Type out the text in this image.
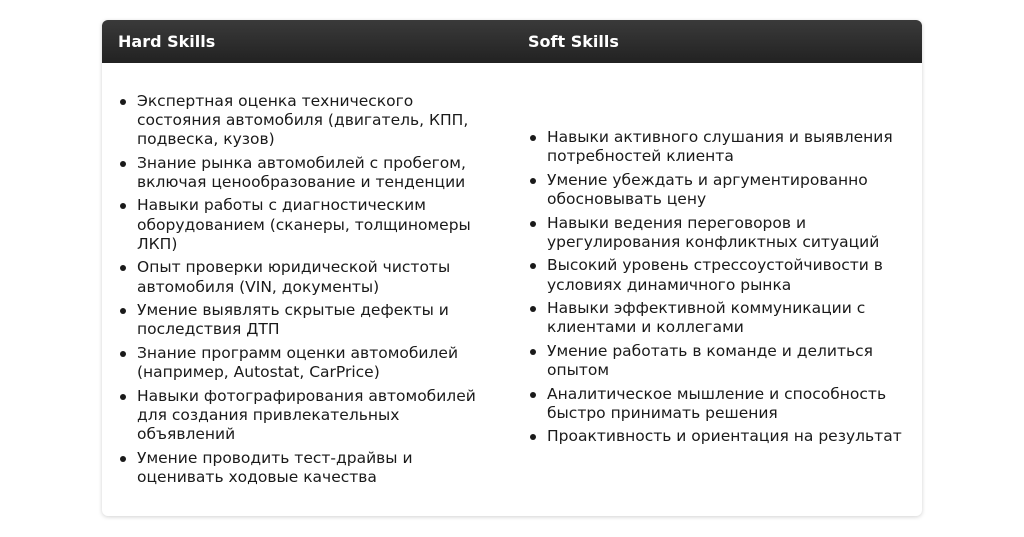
Hard Skills	Soft Skills
Экспертная оценка технического состояния автомобиля (двигатель, КПП, подвеска, кузов)
Знание рынка автомобилей с пробегом, включая ценообразование и тенденции
Навыки работы с диагностическим оборудованием (сканеры, толщиномеры ЛКП)
Опыт проверки юридической чистоты автомобиля (VIN, документы)
Умение выявлять скрытые дефекты и последствия ДТП
Знание программ оценки автомобилей (например, Autostat, CarPrice)
Навыки фотографирования автомобилей для создания привлекательных объявлений
Умение проводить тест-драйвы и оценивать ходовые качества
Навыки активного слушания и выявления потребностей клиента
Умение убеждать и аргументированно обосновывать цену
Навыки ведения переговоров и урегулирования конфликтных ситуаций
Высокий уровень стрессоустойчивости в условиях динамичного рынка
Навыки эффективной коммуникации с клиентами и коллегами
Умение работать в команде и делиться опытом
Аналитическое мышление и способность быстро принимать решения
Проактивность и ориентация на результат
